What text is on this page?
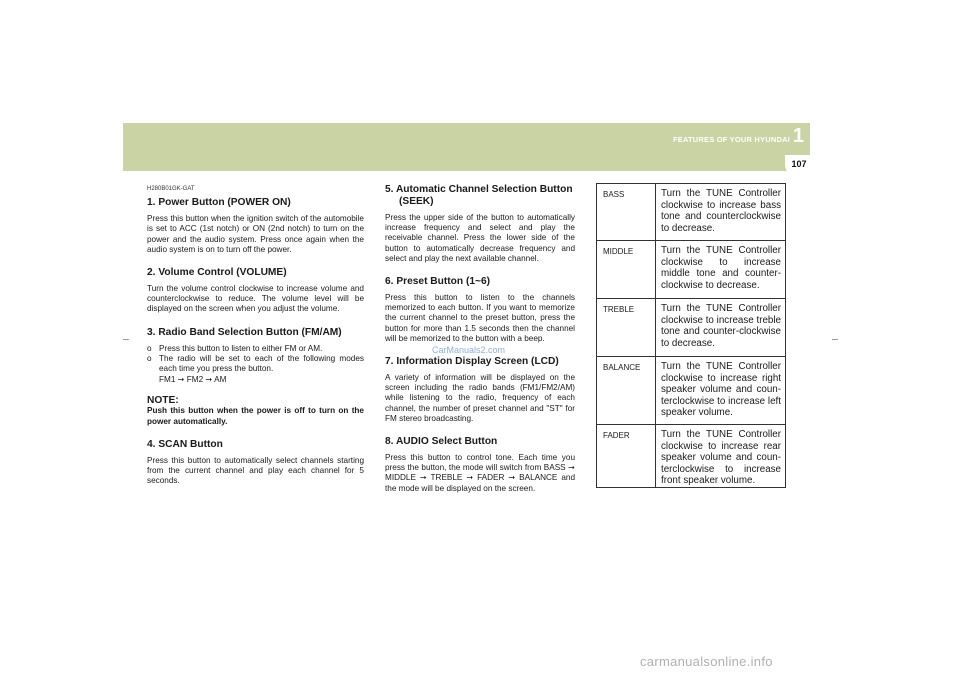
FEATURES OF YOUR HYUNDAI 1
107
H280B01GK-GAT
1. Power Button (POWER ON)

Press this button when the ignition switch of the automobile is set to ACC (1st notch) or ON (2nd notch) to turn on the power and the audio system. Press once again when the audio system is on to turn off the power.

2. Volume Control (VOLUME)

Turn the volume control clockwise to increase volume and counterclockwise to reduce. The volume level will be displayed on the screen when you adjust the volume.

3. Radio Band Selection Button (FM/AM)
o Press this button to listen to either FM or AM.
o The radio will be set to each of the following modes each time you press the button.
FM1 ➞ FM2 ➞ AM
NOTE:

Push this button when the power is off to turn on the power automatically.

4. SCAN Button

Press this button to automatically select channels starting from the current channel and play each channel for 5 seconds.

5. Automatic Channel Selection Button (SEEK)

Press the upper side of the button to automatically increase frequency and select and play the receivable channel. Press the lower side of the button to automatically decrease frequency and select and play the next available channel.

6. Preset Button (1~6)

Press this button to listen to the channels memorized to each button. If you want to memorize the current channel to the preset button, press the button for more than 1.5 seconds then the channel will be memorized to the button with a beep.

7. Information Display Screen (LCD)

A variety of information will be displayed on the screen including the radio bands (FM1/FM2/AM) while listening to the radio, frequency of each channel, the number of preset channel and "ST" for FM stereo broadcasting.

8. AUDIO Select Button

Press this button to control tone. Each time you press the button, the mode will switch from BASS ➞ MIDDLE ➞ TREBLE ➞ FADER ➞ BALANCE and the mode will be displayed on the screen.

CarManuals2.com
BASS	Turn the TUNE Controller clockwise to increase bass tone and counterclockwise to decrease.
MIDDLE	Turn the TUNE Controller clockwise to increase middle tone and counter-clockwise to decrease.
TREBLE	Turn the TUNE Controller clockwise to increase treble tone and counter-clockwise to decrease.
BALANCE Turn the TUNE Controller clockwise to increase right speaker volume and coun-terclockwise to increase left speaker volume.
FADER	Turn the TUNE Controller clockwise to increase rear speaker volume and coun-terclockwise to increase front speaker volume.
carmanualsonline.info
